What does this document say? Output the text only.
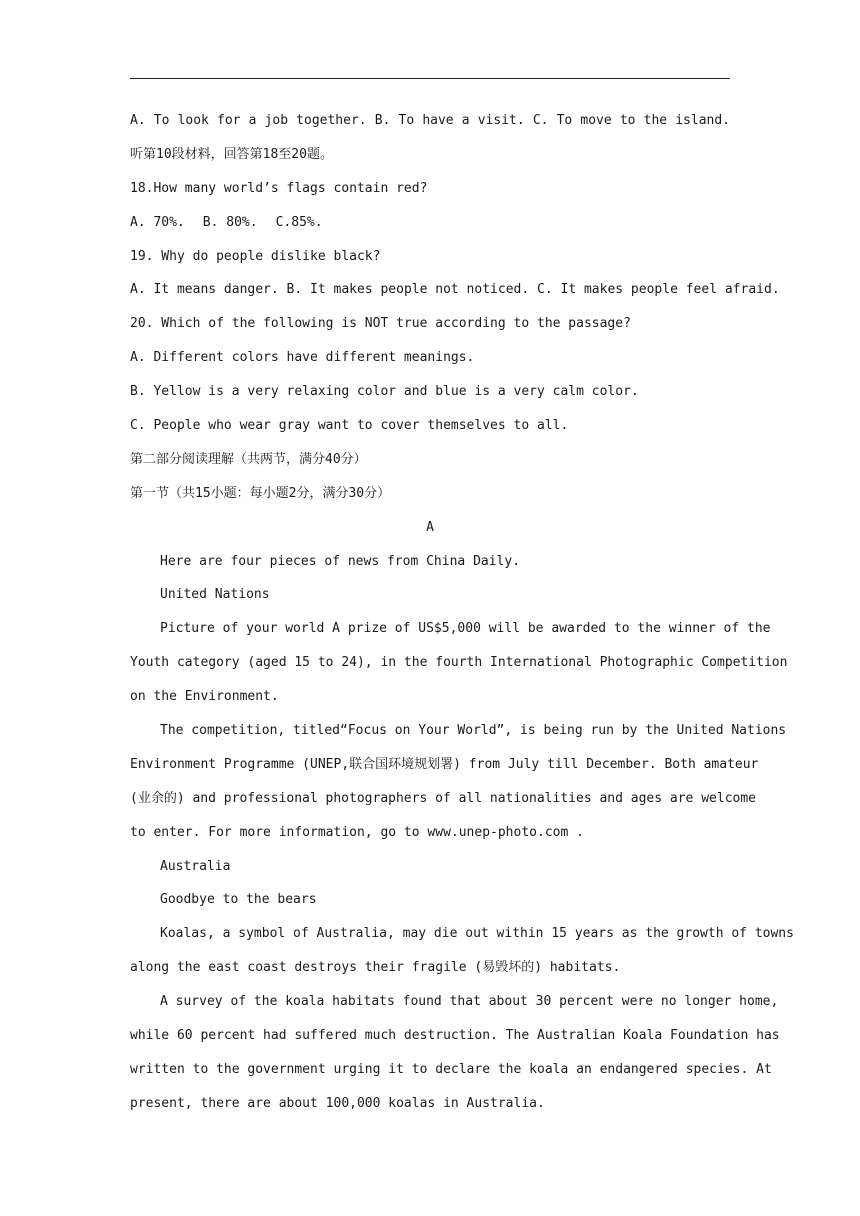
A. To look for a job together. B. To have a visit. C. To move to the island.
听第10段材料，回答第18至20题。
18.How many world’s flags contain red?
A. 70%. B. 80%. C.85%.
19. Why do people dislike black?
A. It means danger. B. It makes people not noticed. C. It makes people feel afraid.
20. Which of the following is NOT true according to the passage?
A. Different colors have different meanings.
B. Yellow is a very relaxing color and blue is a very calm color.
C. People who wear gray want to cover themselves to all.
第二部分阅读理解（共两节，满分40分）
第一节（共15小题：每小题2分，满分30分）
A
Here are four pieces of news from China Daily.
United Nations
Picture of your world A prize of US$5,000 will be awarded to the winner of the
Youth category (aged 15 to 24), in the fourth International Photographic Competition
on the Environment.
The competition, titled“Focus on Your World”, is being run by the United Nations
Environment Programme (UNEP,联合国环境规划署) from July till December. Both amateur
(业余的) and professional photographers of all nationalities and ages are welcome
to enter. For more information, go to www.unep-photo.com .
Australia
Goodbye to the bears
Koalas, a symbol of Australia, may die out within 15 years as the growth of towns
along the east coast destroys their fragile (易毁坏的) habitats.
A survey of the koala habitats found that about 30 percent were no longer home,
while 60 percent had suffered much destruction. The Australian Koala Foundation has
written to the government urging it to declare the koala an endangered species. At
present, there are about 100,000 koalas in Australia.
